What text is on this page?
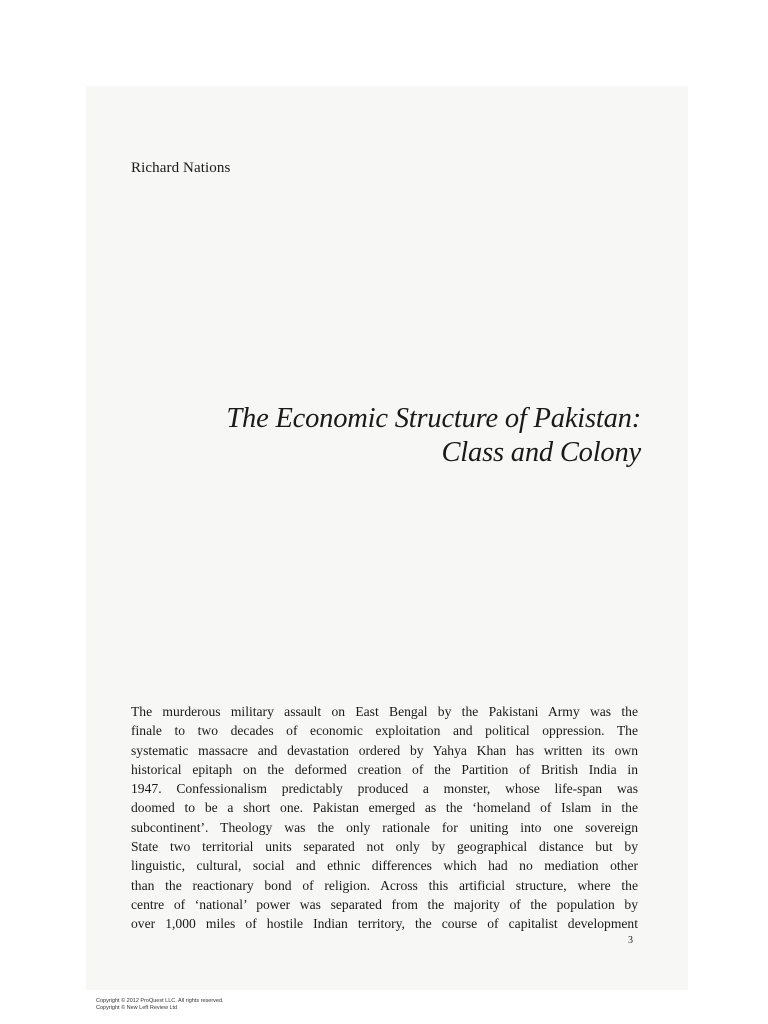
Richard Nations
The Economic Structure of Pakistan:
Class and Colony
The murderous military assault on East Bengal by the Pakistani Army was the
finale to two decades of economic exploitation and political oppression. The
systematic massacre and devastation ordered by Yahya Khan has written its own
historical epitaph on the deformed creation of the Partition of British India in
1947. Confessionalism predictably produced a monster, whose life-span was
doomed to be a short one. Pakistan emerged as the ‘homeland of Islam in the
subcontinent’. Theology was the only rationale for uniting into one sovereign
State two territorial units separated not only by geographical distance but by
linguistic, cultural, social and ethnic differences which had no mediation other
than the reactionary bond of religion. Across this artificial structure, where the
centre of ‘national’ power was separated from the majority of the population by
over 1,000 miles of hostile Indian territory, the course of capitalist development
3
Copyright © 2012 ProQuest LLC. All rights reserved.
Copyright © New Left Review Ltd
